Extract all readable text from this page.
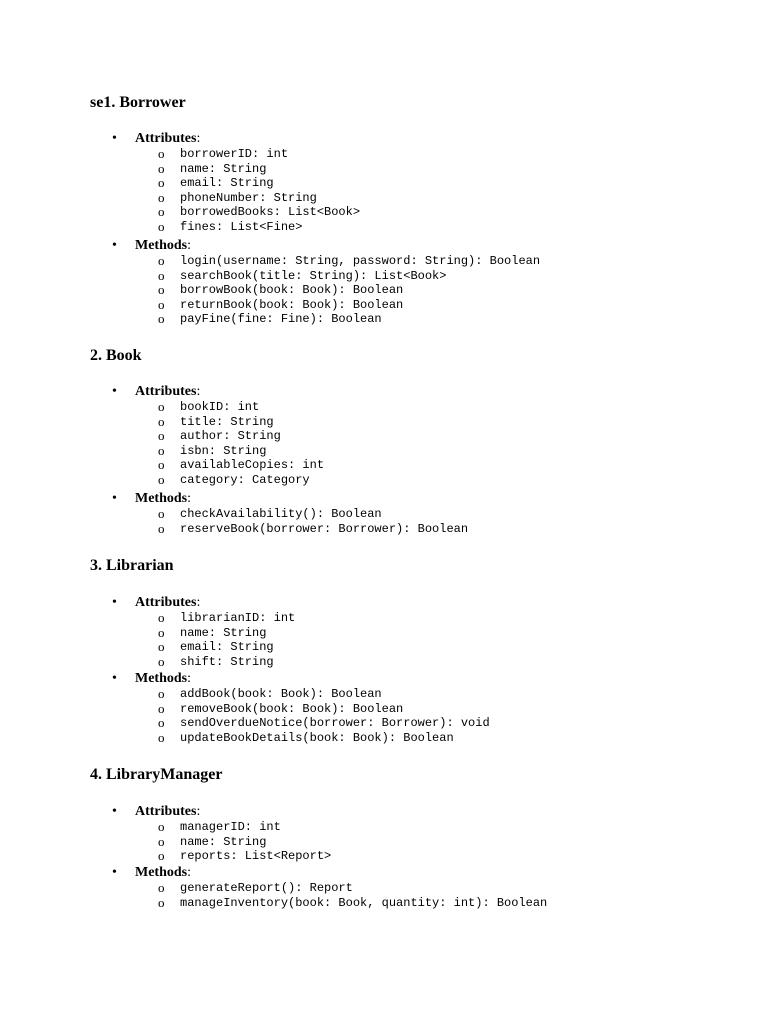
se1. Borrower
• Attributes:
o borrowerID: int
o name: String
o email: String
o phoneNumber: String
o borrowedBooks: List<Book>
o fines: List<Fine>
• Methods:
o login(username: String, password: String): Boolean
o searchBook(title: String): List<Book>
o borrowBook(book: Book): Boolean
o returnBook(book: Book): Boolean
o payFine(fine: Fine): Boolean
2. Book
• Attributes:
o bookID: int
o title: String
o author: String
o isbn: String
o availableCopies: int
o category: Category
• Methods:
o checkAvailability(): Boolean
o reserveBook(borrower: Borrower): Boolean
3. Librarian
• Attributes:
o librarianID: int
o name: String
o email: String
o shift: String
• Methods:
o addBook(book: Book): Boolean
o removeBook(book: Book): Boolean
o sendOverdueNotice(borrower: Borrower): void
o updateBookDetails(book: Book): Boolean
4. LibraryManager
• Attributes:
o managerID: int
o name: String
o reports: List<Report>
• Methods:
o generateReport(): Report
o manageInventory(book: Book, quantity: int): Boolean
